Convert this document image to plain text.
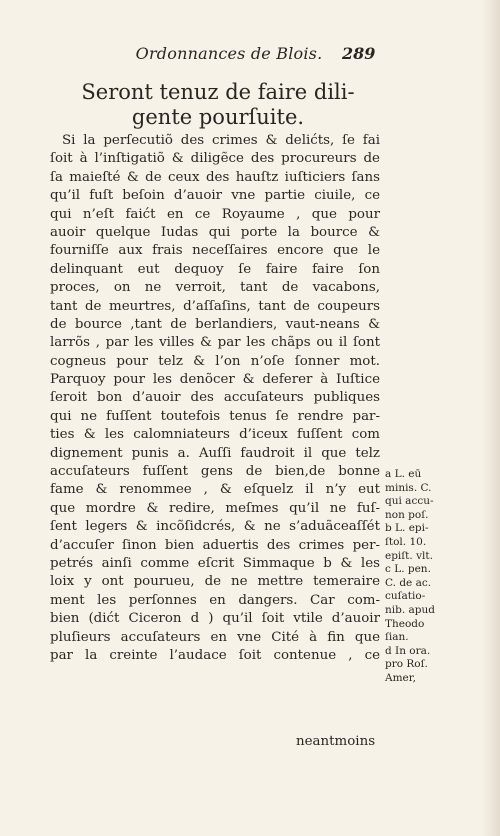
Ordonnances de Blois.	289
Seront tenuz de faire dili-
gente pourſuite.
Si la perſecutiõ des crimes & delićts, ſe fai
ſoit à l’inſtigatiõ & diligẽce des procureurs de
ſa maieſté & de ceux des hauſtz iuſticiers ſans
qu’il fuſt beſoin d’auoir vne partie ciuile, ce
qui n’eſt faićt en ce Royaume , que pour
auoir quelque Iudas qui porte la bource &
fourniſſe aux frais neceſſaires encore que le
delinquant eut dequoy ſe faire faire ſon
proces, on ne verroit, tant de vacabons,
tant de meurtres, d’aſſaſins, tant de coupeurs
de bource ,tant de berlandiers, vaut-neans &
larrõs , par les villes & par les chãps ou il ſont
cogneus pour telz & l’on n’oſe ſonner mot.
Parquoy pour les denõcer & deferer à Iuſtice
ſeroit bon d’auoir des accuſateurs publiques
qui ne fuſſent toutefois tenus ſe rendre par-
ties & les calomniateurs d’iceux fuſſent com
dignement punis a. Auſſi faudroit il que telz
accuſateurs fuſſent gens de bien,de bonne
fame & renommee , & eſquelz il n’y eut
que mordre & redire, meſmes qu’il ne fuſ-
ſent legers & incõſidcrés, & ne s’aduãceaſſét
d’accuſer ſinon bien aduertis des crimes per-
petrés ainſi comme eſcrit Simmaque b & les
loix y ont pourueu, de ne mettre temeraire
ment les perſonnes en dangers. Car com-
bien (dićt Ciceron d ) qu’il ſoit vtile d’auoir
pluſieurs accuſateurs en vne Cité à fin que
par la creinte l’audace ſoit contenue , ce
a L. eū
minis. C.
qui accu-
non poſ.
b L. epi-
ſtol. 10.
epiſt. vlt.
c L. pen.
C. de ac.
cuſatio-
nib. apud
Theodo
ſian.
d In ora.
pro Roſ.
Amer,
neantmoins
